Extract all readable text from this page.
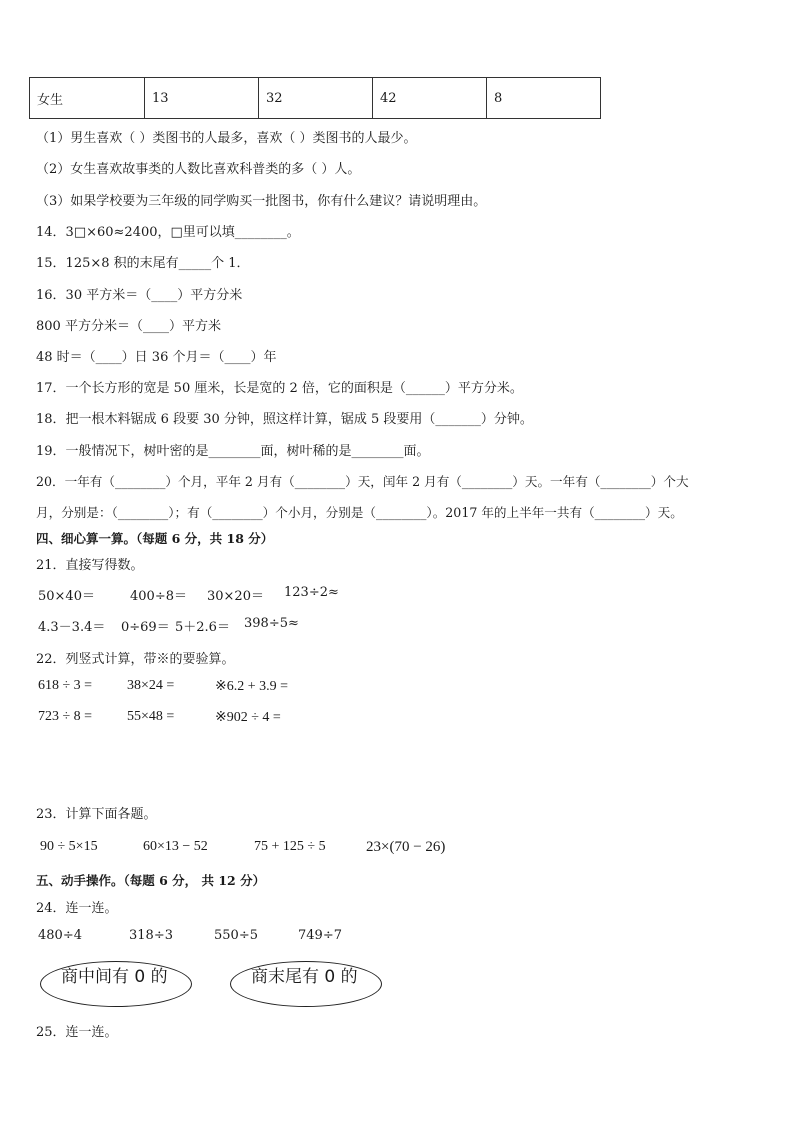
女生	13	32	42	8
（1）男生喜欢（ ）类图书的人最多，喜欢（ ）类图书的人最少。
（2）女生喜欢故事类的人数比喜欢科普类的多（ ）人。
（3）如果学校要为三年级的同学购买一批图书，你有什么建议？请说明理由。
14．3□×60≈2400，□里可以填________。
15．125×8 积的末尾有_____个 1．
16．30 平方米＝（____）平方分米
800 平方分米＝（____）平方米
48 时＝（____）日 36 个月＝（____）年
17．一个长方形的宽是 50 厘米，长是宽的 2 倍，它的面积是（______）平方分米。
18．把一根木料锯成 6 段要 30 分钟，照这样计算，锯成 5 段要用（_______）分钟。
19．一般情况下，树叶密的是________面，树叶稀的是________面。
20．一年有（________）个月，平年 2 月有（________）天，闰年 2 月有（________）天。一年有（________）个大
月，分别是：（________）；有（________）个小月，分别是（________）。2017 年的上半年一共有（________）天。
四、细心算一算。（每题 6 分，共 18 分）
21．直接写得数。
50×40＝	400÷8＝ 30×20＝ 123÷2≈
4.3－3.4＝ 0÷69＝ 5＋2.6＝ 398÷5≈
22．列竖式计算，带※的要验算。
618 ÷ 3 = 38×24 =	※6.2 + 3.9 =
723 ÷ 8 = 55×48 =	※902 ÷ 4 =
23．计算下面各题。
90 ÷ 5×15	60×13 − 52	75 + 125 ÷ 5	23×(70 − 26)
五、动手操作。（每题 6 分， 共 12 分）
24．连一连。
480÷4	318÷3	550÷5	749÷7
商中间有 0 的	商末尾有 0 的
25．连一连。
